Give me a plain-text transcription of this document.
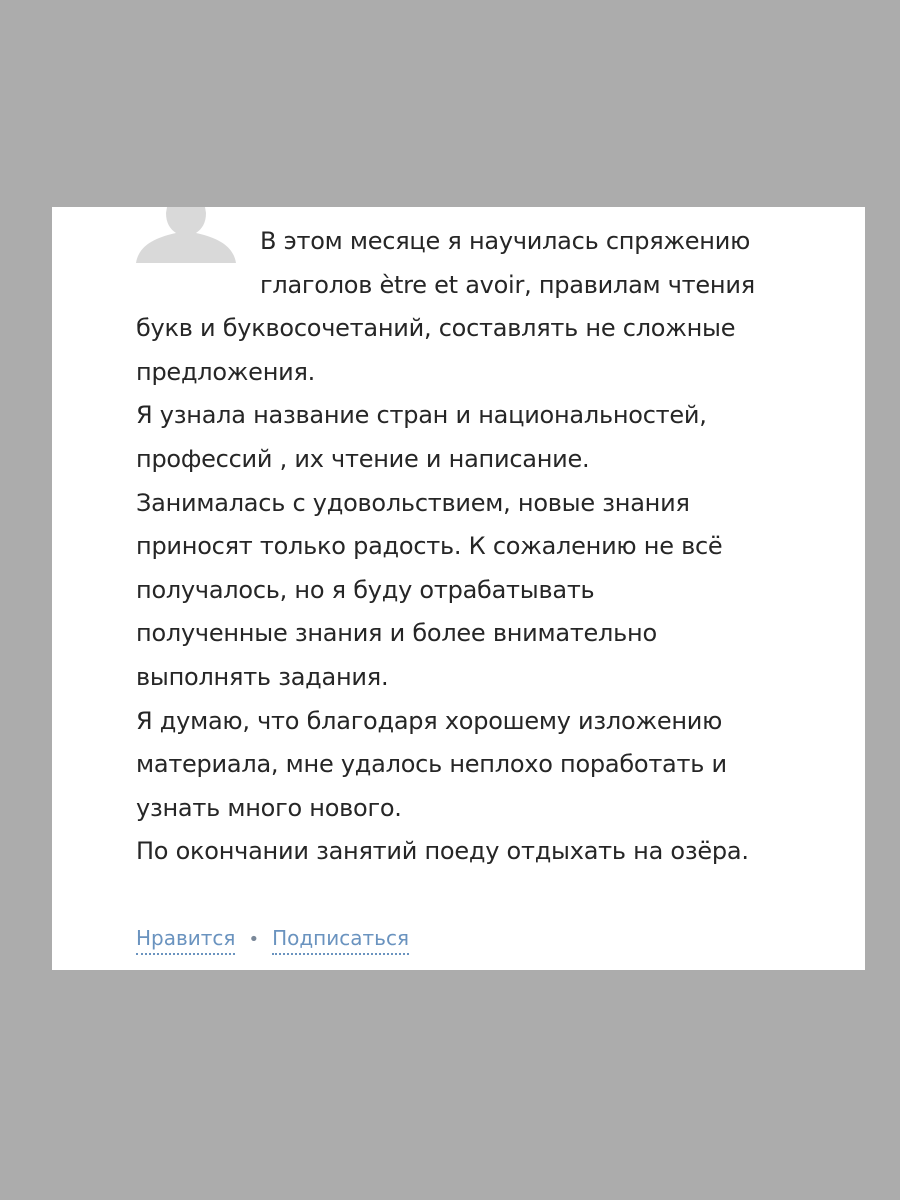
В этом месяце я научилась спряжению
глаголов ètre et avoir, правилам чтения
букв и буквосочетаний, составлять не сложные
предложения.
Я узнала название стран и национальностей,
профессий , их чтение и написание.
Занималась с удовольствием, новые знания
приносят только радость. К сожалению не всё
получалось, но я буду отрабатывать
полученные знания и более внимательно
выполнять задания.
Я думаю, что благодаря хорошему изложению
материала, мне удалось неплохо поработать и
узнать много нового.
По окончании занятий поеду отдыхать на озёра.

Нравится • Подписаться
